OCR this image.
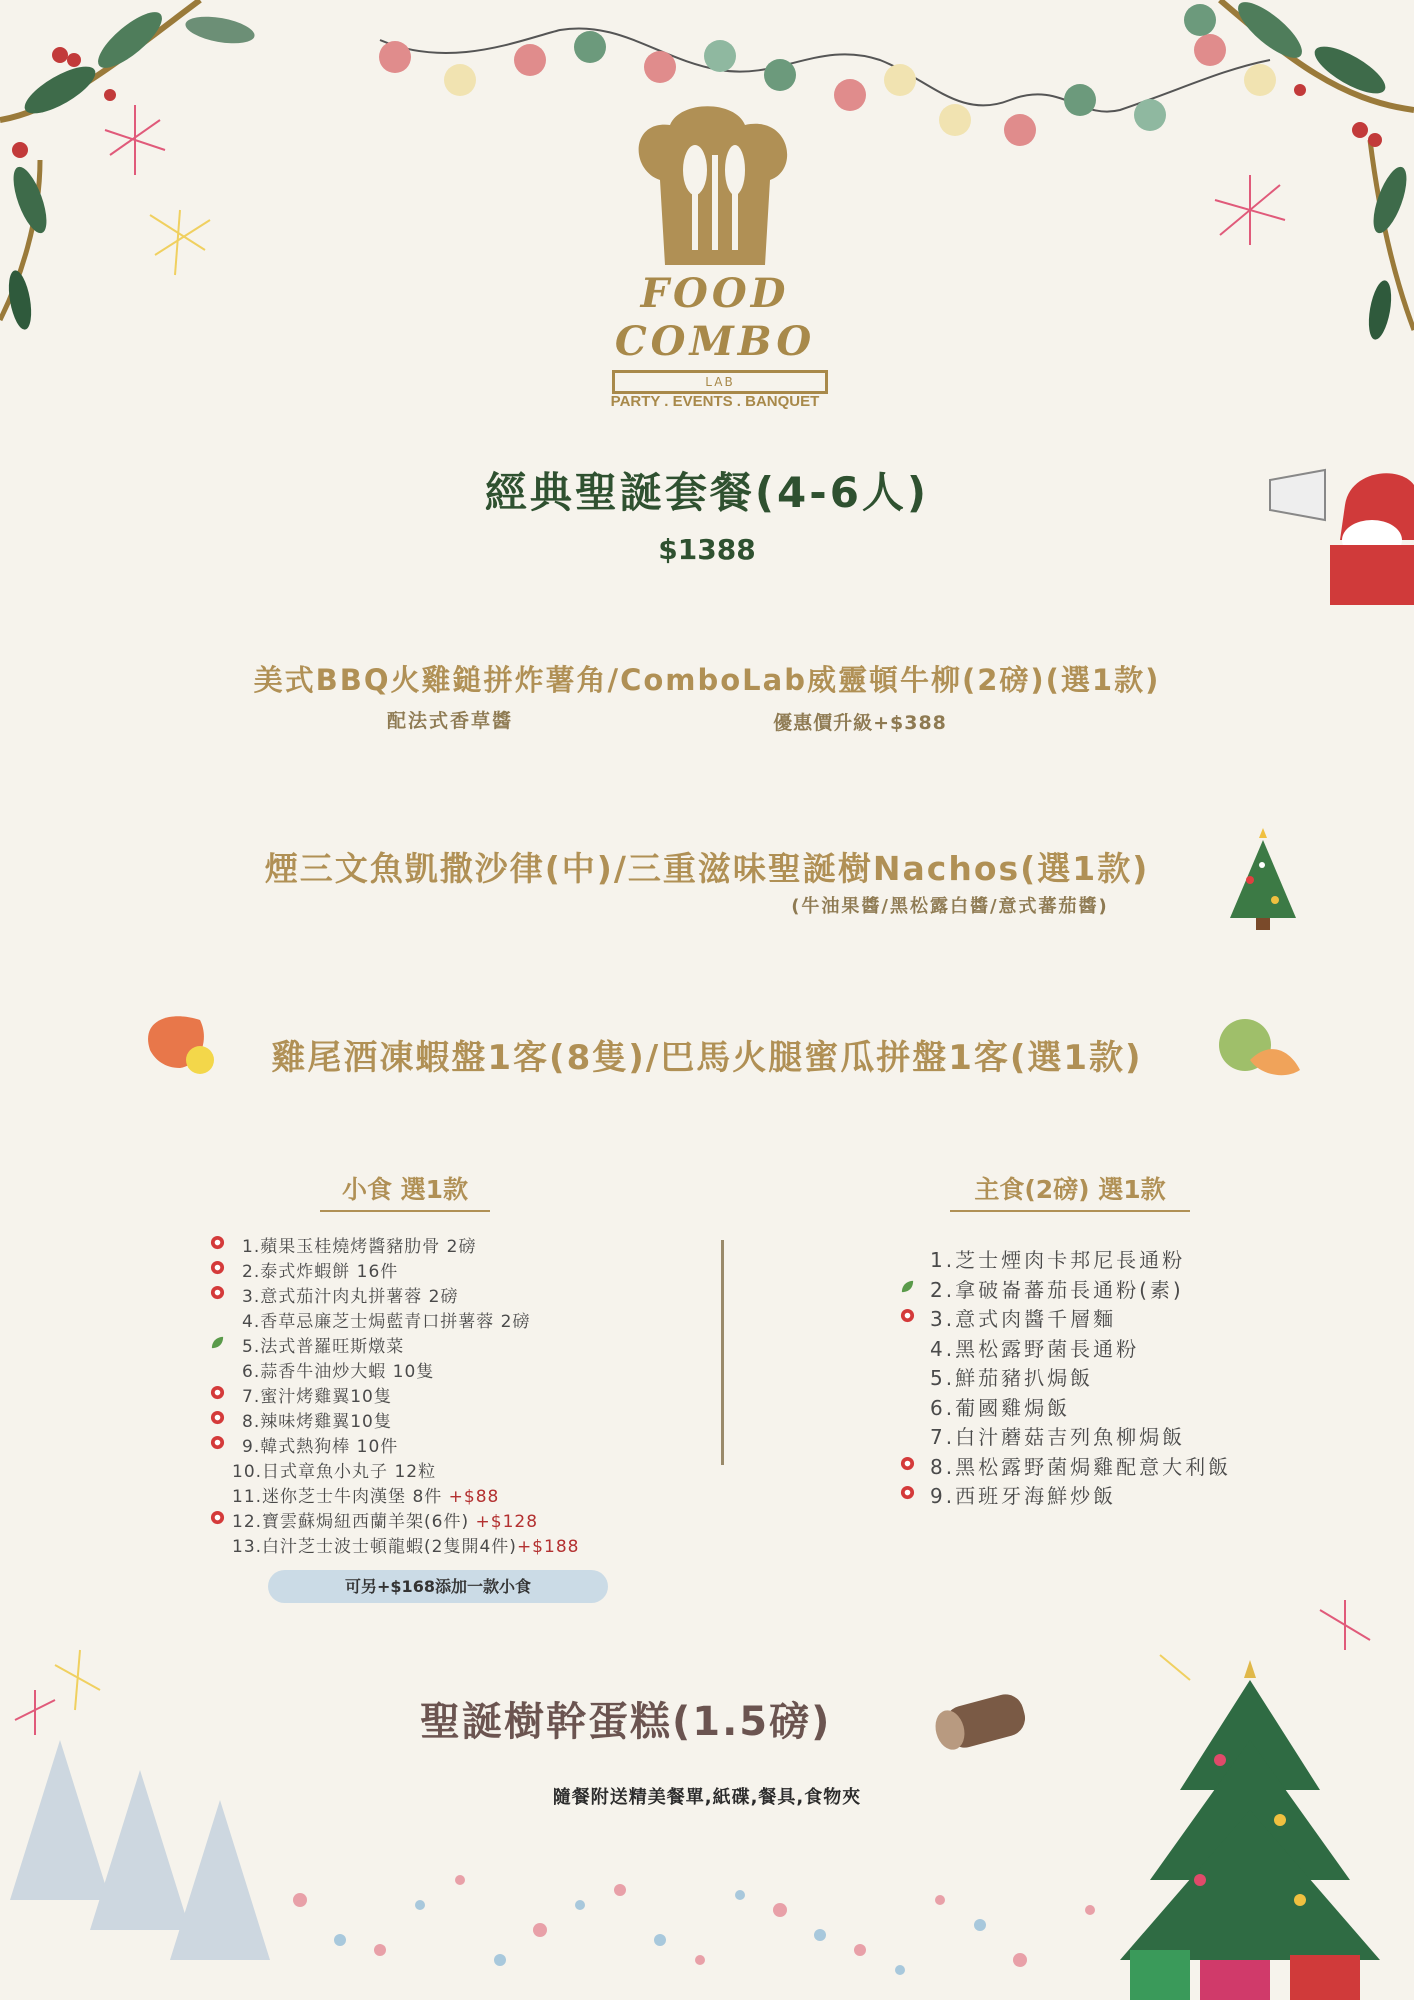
FOOD
COMBO
LAB
PARTY . EVENTS . BANQUET
經典聖誕套餐(4-6人)
$1388
美式BBQ火雞鎚拼炸薯角/ComboLab威靈頓牛柳(2磅)(選1款)
配法式香草醬	優惠價升級+$388
煙三文魚凱撒沙律(中)/三重滋味聖誕樹Nachos(選1款)
(牛油果醬/黑松露白醬/意式蕃茄醬)
雞尾酒凍蝦盤1客(8隻)/巴馬火腿蜜瓜拼盤1客(選1款)
小食 選1款
1.蘋果玉桂燒烤醬豬肋骨 2磅
2.泰式炸蝦餅 16件
3.意式茄汁肉丸拼薯蓉 2磅
4.香草忌廉芝士焗藍青口拼薯蓉 2磅
5.法式普羅旺斯燉菜
6.蒜香牛油炒大蝦 10隻
7.蜜汁烤雞翼10隻
8.辣味烤雞翼10隻
9.韓式熱狗棒 10件
10.日式章魚小丸子 12粒
11.迷你芝士牛肉漢堡 8件 +$88
12.寶雲蘇焗紐西蘭羊架(6件) +$128
13.白汁芝士波士頓龍蝦(2隻開4件)+$188
可另+$168添加一款小食
主食(2磅) 選1款
1.芝士煙肉卡邦尼長通粉
2.拿破崙蕃茄長通粉(素)
3.意式肉醬千層麵
4.黑松露野菌長通粉
5.鮮茄豬扒焗飯
6.葡國雞焗飯
7.白汁蘑菇吉列魚柳焗飯
8.黑松露野菌焗雞配意大利飯
9.西班牙海鮮炒飯
聖誕樹幹蛋糕(1.5磅)
隨餐附送精美餐單,紙碟,餐具,食物夾
